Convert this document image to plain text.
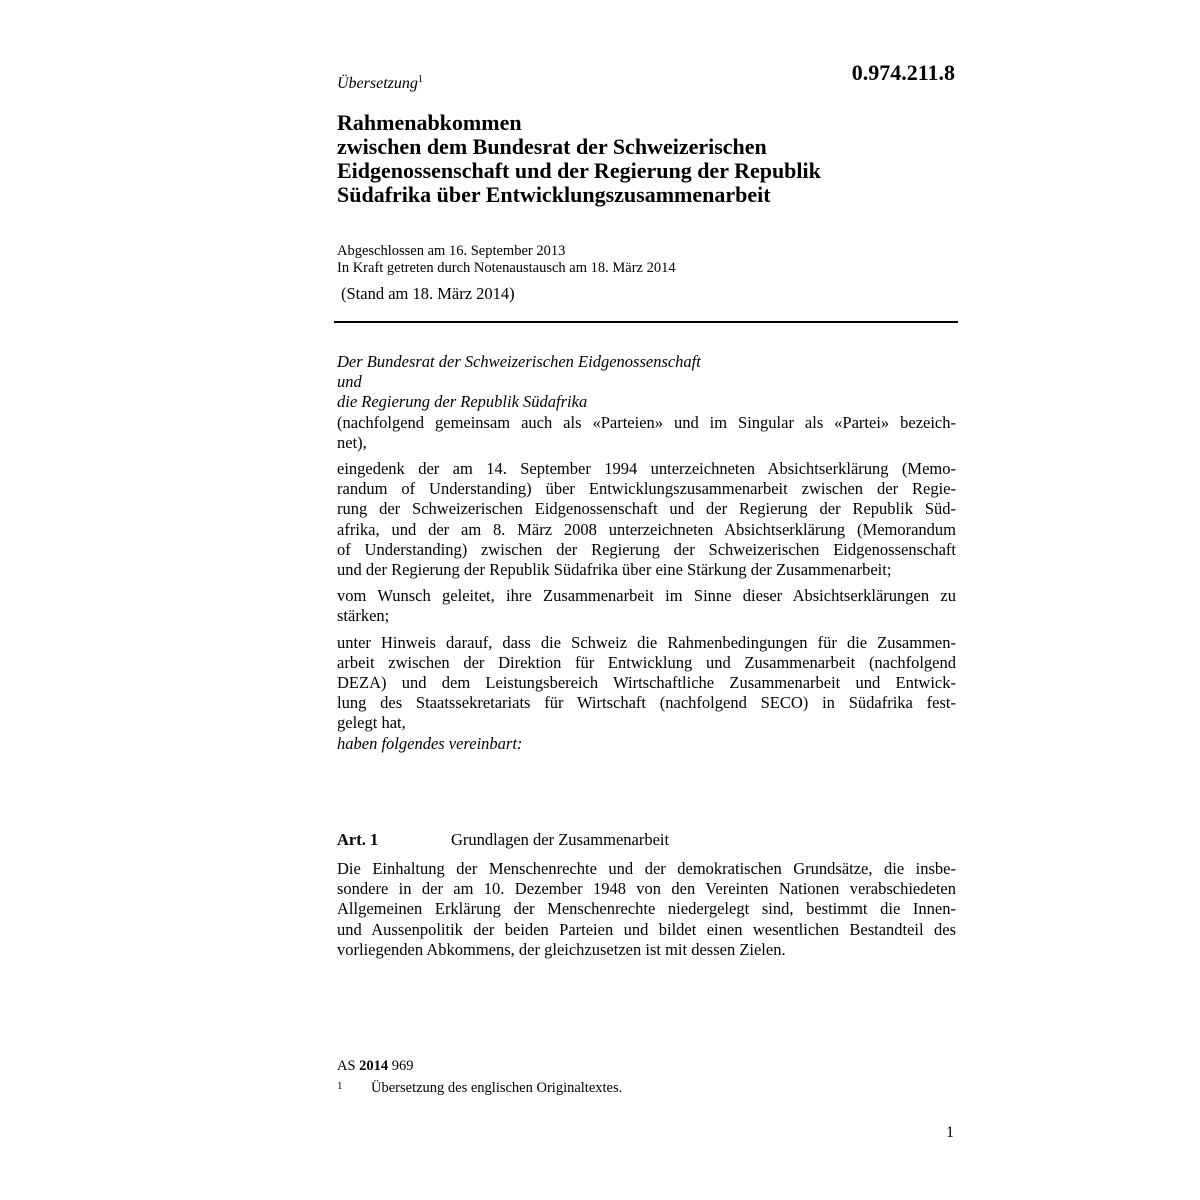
Übersetzung$^1$	0.974.211.8
Rahmenabkommen
zwischen dem Bundesrat der Schweizerischen
Eidgenossenschaft und der Regierung der Republik
Südafrika über Entwicklungszusammenarbeit
Abgeschlossen am 16. September 2013
In Kraft getreten durch Notenaustausch am 18. März 2014
(Stand am 18. März 2014)
Der Bundesrat der Schweizerischen Eidgenossenschaft
und
die Regierung der Republik Südafrika
(nachfolgend gemeinsam auch als «Parteien» und im Singular als «Partei» bezeich-
net),
eingedenk der am 14. September 1994 unterzeichneten Absichtserklärung (Memo-
randum of Understanding) über Entwicklungszusammenarbeit zwischen der Regie-
rung der Schweizerischen Eidgenossenschaft und der Regierung der Republik Süd-
afrika, und der am 8. März 2008 unterzeichneten Absichtserklärung (Memorandum
of Understanding) zwischen der Regierung der Schweizerischen Eidgenossenschaft
und der Regierung der Republik Südafrika über eine Stärkung der Zusammenarbeit;
vom Wunsch geleitet, ihre Zusammenarbeit im Sinne dieser Absichtserklärungen zu
stärken;
unter Hinweis darauf, dass die Schweiz die Rahmenbedingungen für die Zusammen-
arbeit zwischen der Direktion für Entwicklung und Zusammenarbeit (nachfolgend
DEZA) und dem Leistungsbereich Wirtschaftliche Zusammenarbeit und Entwick-
lung des Staatssekretariats für Wirtschaft (nachfolgend SECO) in Südafrika fest-
gelegt hat,
haben folgendes vereinbart:
Art. 1	Grundlagen der Zusammenarbeit
Die Einhaltung der Menschenrechte und der demokratischen Grundsätze, die insbe-
sondere in der am 10. Dezember 1948 von den Vereinten Nationen verabschiedeten
Allgemeinen Erklärung der Menschenrechte niedergelegt sind, bestimmt die Innen-
und Aussenpolitik der beiden Parteien und bildet einen wesentlichen Bestandteil des
vorliegenden Abkommens, der gleichzusetzen ist mit dessen Zielen.
AS 2014 969
1 Übersetzung des englischen Originaltextes.
1
